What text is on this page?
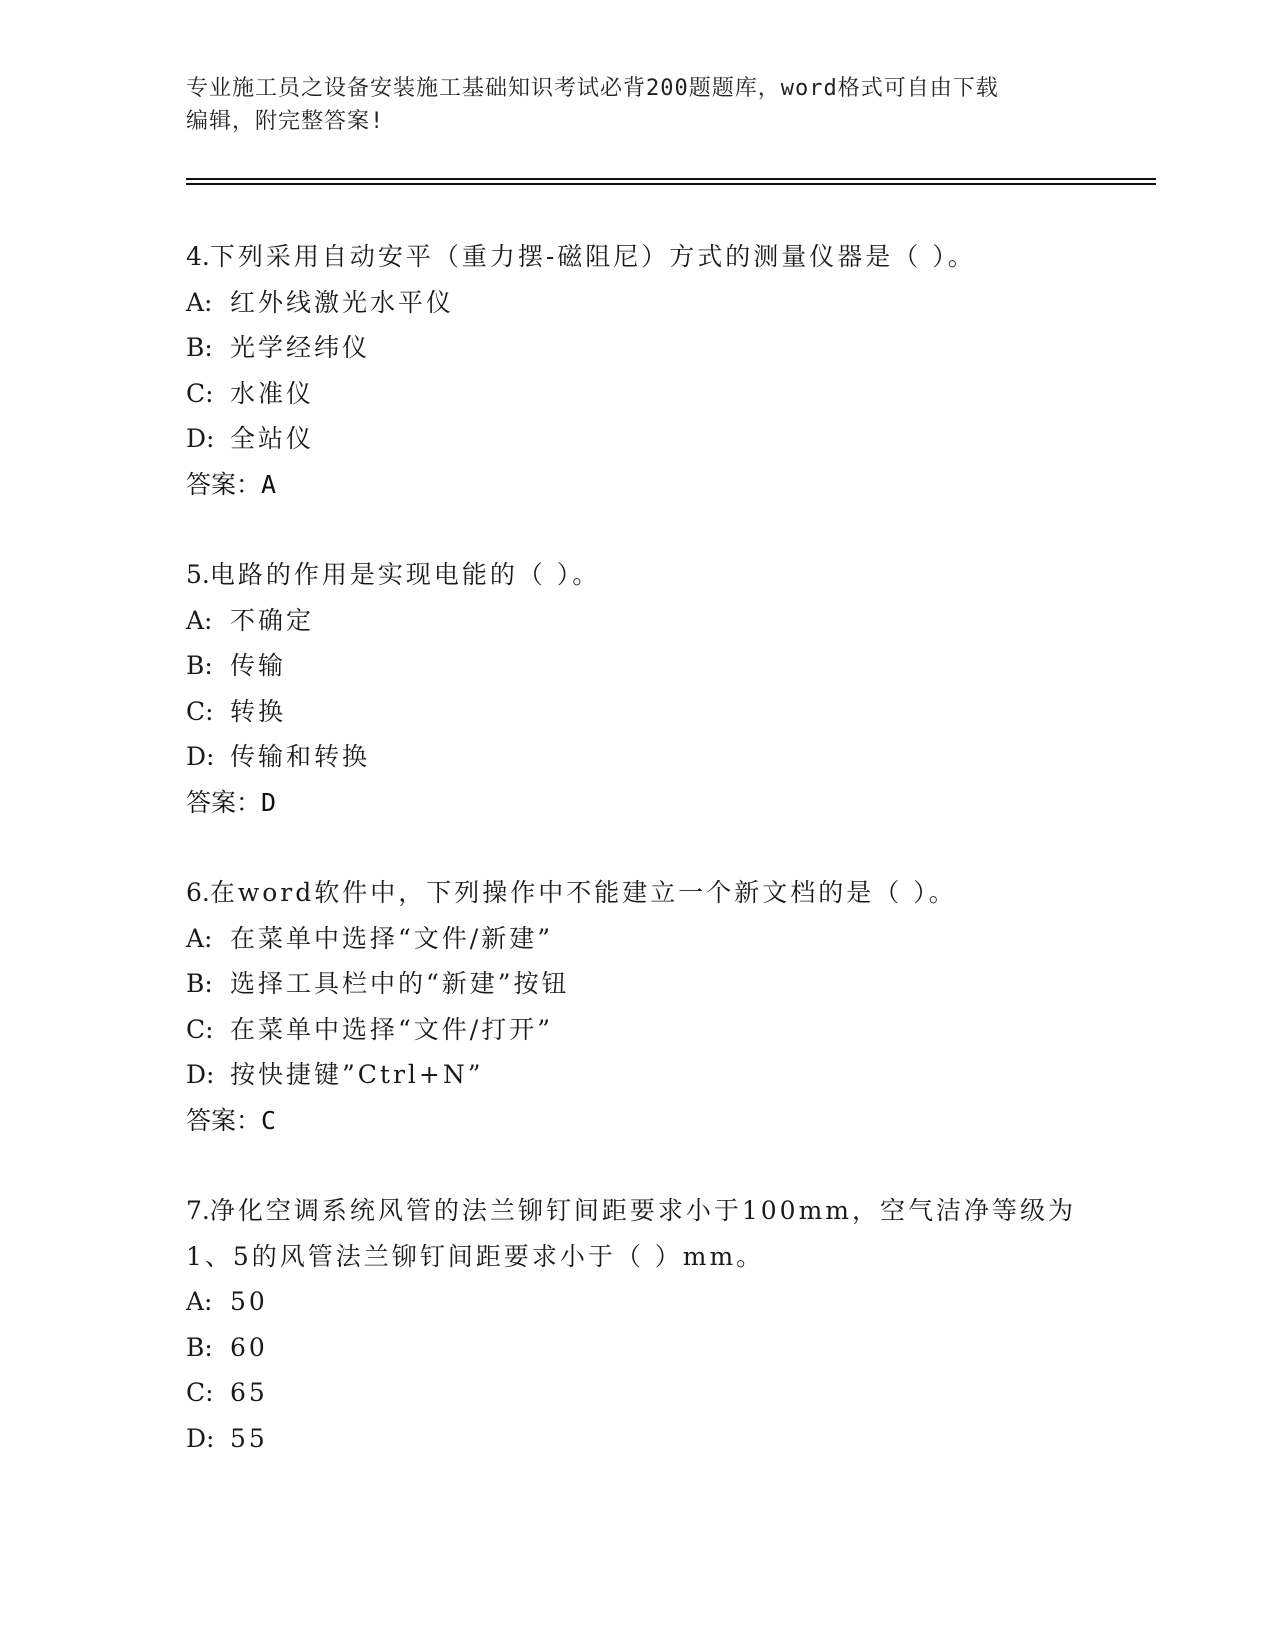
专业施工员之设备安装施工基础知识考试必背200题题库，word格式可自由下载
编辑，附完整答案!
4.下列采用自动安平（重力摆-磁阻尼）方式的测量仪器是（ ）。
A: 红外线激光水平仪
B: 光学经纬仪
C: 水准仪
D: 全站仪
答案：A
5.电路的作用是实现电能的（ ）。
A: 不确定
B: 传输
C: 转换
D: 传输和转换
答案：D
6.在word软件中，下列操作中不能建立一个新文档的是（ ）。
A: 在菜单中选择“文件/新建”
B: 选择工具栏中的“新建”按钮
C: 在菜单中选择“文件/打开”
D: 按快捷键”Ctrl+N”
答案：C
7.净化空调系统风管的法兰铆钉间距要求小于100mm，空气洁净等级为
1、5的风管法兰铆钉间距要求小于（ ）mm。
A: 50
B: 60
C: 65
D: 55
